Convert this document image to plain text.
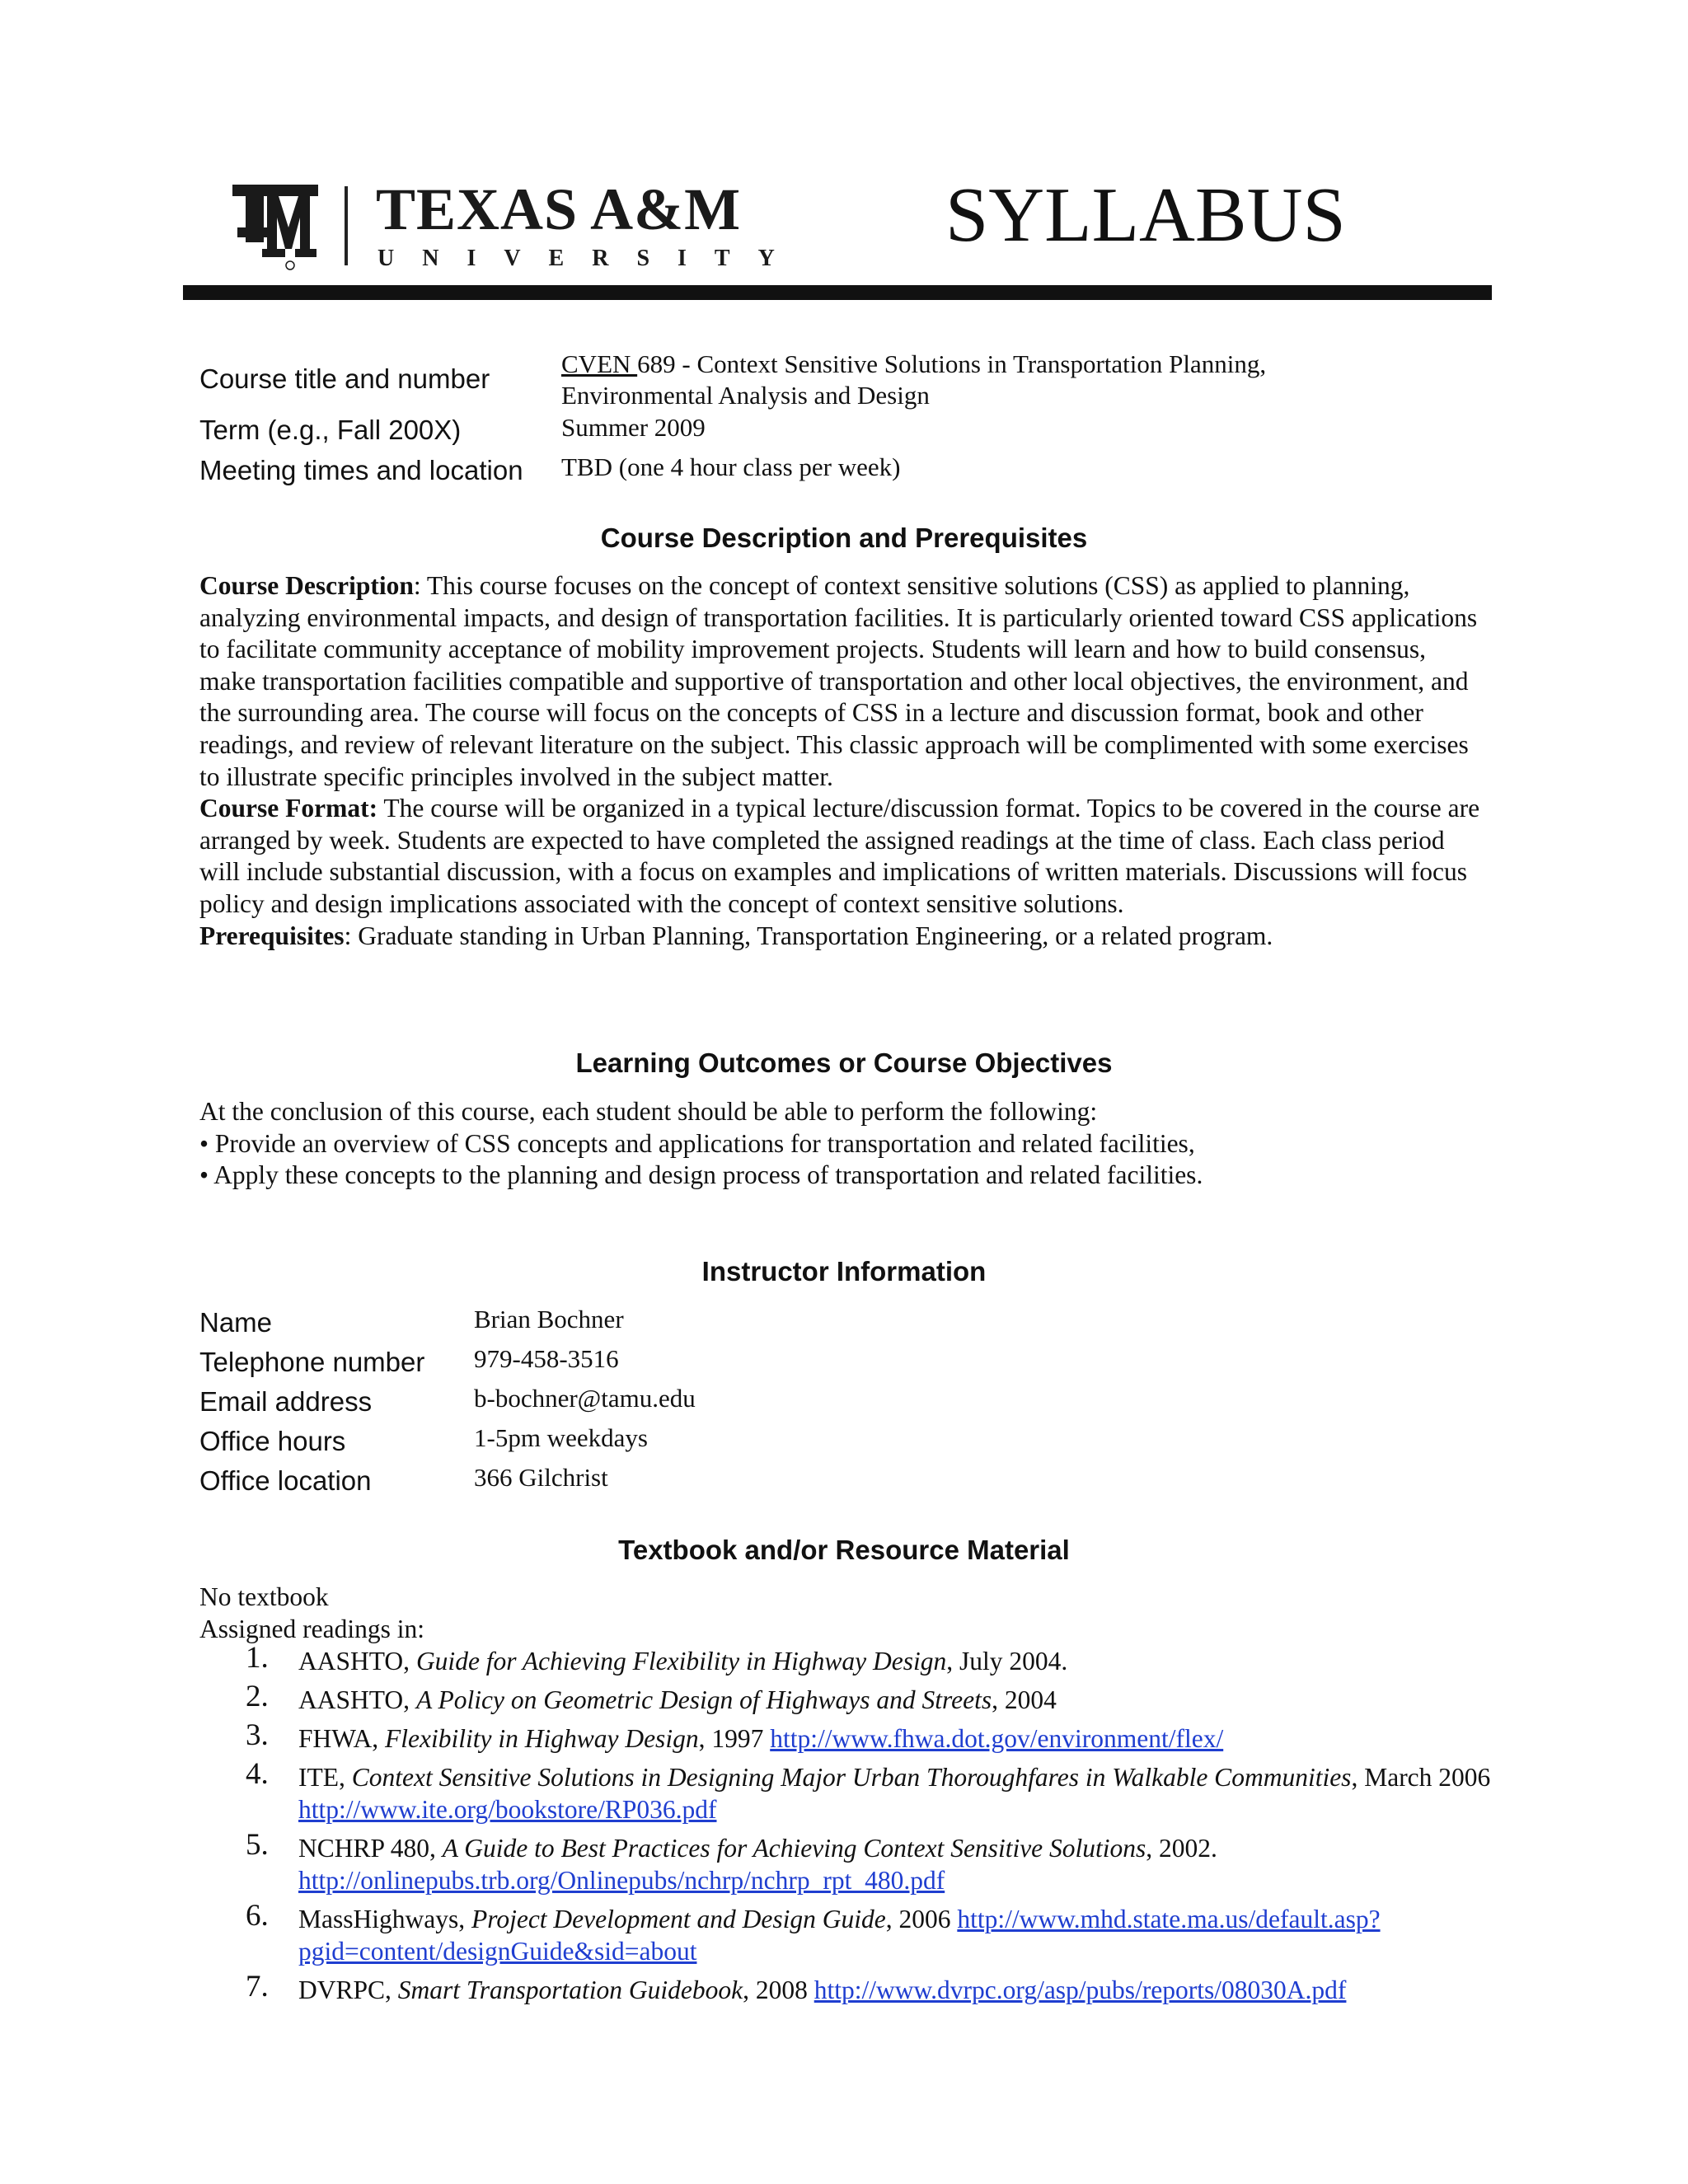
TEXAS A&M
UNIVERSITY
SYLLABUS
Course title and number	CVEN 689 - Context Sensitive Solutions in Transportation Planning,
Environmental Analysis and Design
Term (e.g., Fall 200X)	Summer 2009
Meeting times and location TBD (one 4 hour class per week)
Course Description and Prerequisites

Course Description: This course focuses on the concept of context sensitive solutions (CSS) as applied to planning, analyzing environmental impacts, and design of transportation facilities. It is particularly oriented toward CSS applications to facilitate community acceptance of mobility improvement projects. Students will learn and how to build consensus, make transportation facilities compatible and supportive of transportation and other local objectives, the environment, and the surrounding area. The course will focus on the concepts of CSS in a lecture and discussion format, book and other readings, and review of relevant literature on the subject. This classic approach will be complimented with some exercises to illustrate specific principles involved in the subject matter.

Course Format: The course will be organized in a typical lecture/discussion format. Topics to be covered in the course are arranged by week. Students are expected to have completed the assigned readings at the time of class. Each class period will include substantial discussion, with a focus on examples and implications of written materials. Discussions will focus policy and design implications associated with the concept of context sensitive solutions.

Prerequisites: Graduate standing in Urban Planning, Transportation Engineering, or a related program.

Learning Outcomes or Course Objectives

At the conclusion of this course, each student should be able to perform the following:

• Provide an overview of CSS concepts and applications for transportation and related facilities,

• Apply these concepts to the planning and design process of transportation and related facilities.

Instructor Information
Name	Brian Bochner
Telephone number 979-458-3516
Email address	b-bochner@tamu.edu
Office hours	1-5pm weekdays
Office location	366 Gilchrist
Textbook and/or Resource Material

No textbook

Assigned readings in:

1. AASHTO, Guide for Achieving Flexibility in Highway Design, July 2004.
2. AASHTO, A Policy on Geometric Design of Highways and Streets, 2004
3. FHWA, Flexibility in Highway Design, 1997 http://www.fhwa.dot.gov/environment/flex/
4. ITE, Context Sensitive Solutions in Designing Major Urban Thoroughfares in Walkable Communities, March 2006 http://www.ite.org/bookstore/RP036.pdf
5. NCHRP 480, A Guide to Best Practices for Achieving Context Sensitive Solutions, 2002. http://onlinepubs.trb.org/Onlinepubs/nchrp/nchrp_rpt_480.pdf
6. MassHighways, Project Development and Design Guide, 2006 http://www.mhd.state.ma.us/default.asp?pgid=content/designGuide&sid=about
7. DVRPC, Smart Transportation Guidebook, 2008 http://www.dvrpc.org/asp/pubs/reports/08030A.pdf
